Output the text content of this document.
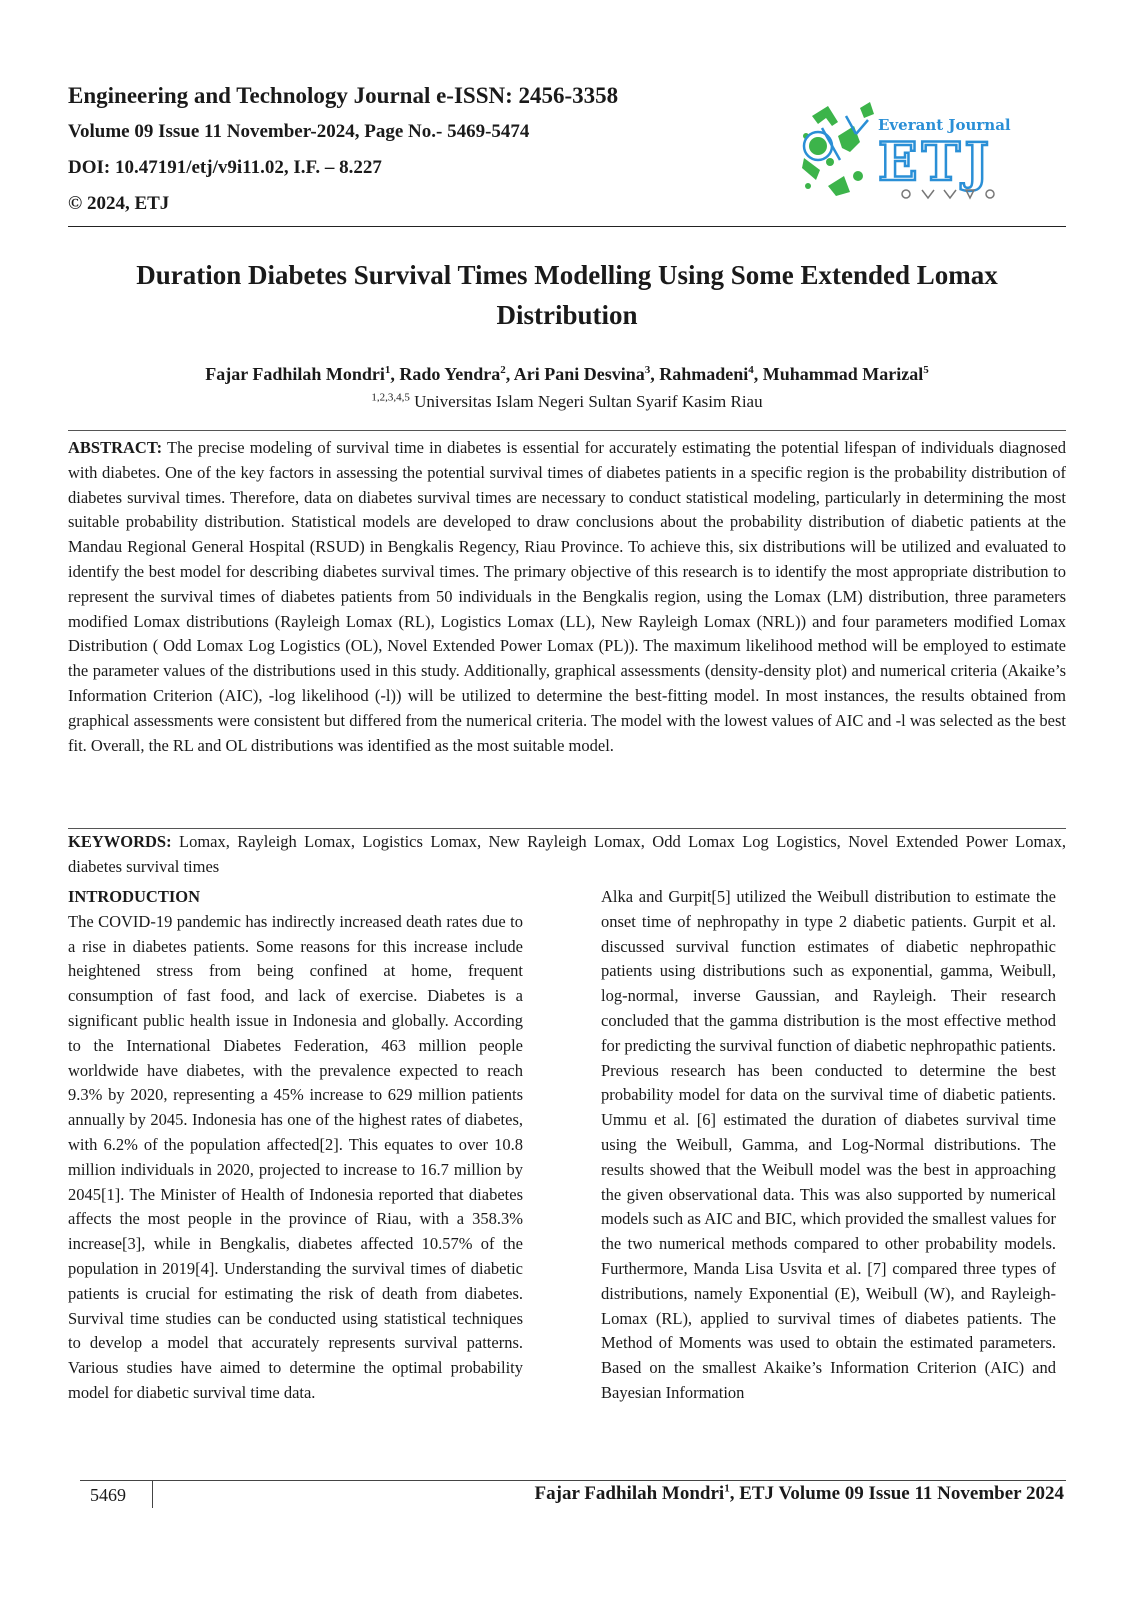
Engineering and Technology Journal e-ISSN: 2456-3358

Volume 09 Issue 11 November-2024, Page No.- 5469-5474

DOI: 10.47191/etj/v9i11.02, I.F. – 8.227

© 2024, ETJ

Everant Journal
ETJ
Duration Diabetes Survival Times Modelling Using Some Extended Lomax Distribution
Fajar Fadhilah Mondri$^1$, Rado Yendra$^2$, Ari Pani Desvina$^3$, Rahmadeni$^4$, Muhammad Marizal$^5$
$^{1,2,3,4,5}$ Universitas Islam Negeri Sultan Syarif Kasim Riau

ABSTRACT: The precise modeling of survival time in diabetes is essential for accurately estimating the potential lifespan of individuals diagnosed with diabetes. One of the key factors in assessing the potential survival times of diabetes patients in a specific region is the probability distribution of diabetes survival times. Therefore, data on diabetes survival times are necessary to conduct statistical modeling, particularly in determining the most suitable probability distribution. Statistical models are developed to draw conclusions about the probability distribution of diabetic patients at the Mandau Regional General Hospital (RSUD) in Bengkalis Regency, Riau Province. To achieve this, six distributions will be utilized and evaluated to identify the best model for describing diabetes survival times. The primary objective of this research is to identify the most appropriate distribution to represent the survival times of diabetes patients from 50 individuals in the Bengkalis region, using the Lomax (LM) distribution, three parameters modified Lomax distributions (Rayleigh Lomax (RL), Logistics Lomax (LL), New Rayleigh Lomax (NRL)) and four parameters modified Lomax Distribution ( Odd Lomax Log Logistics (OL), Novel Extended Power Lomax (PL)). The maximum likelihood method will be employed to estimate the parameter values of the distributions used in this study. Additionally, graphical assessments (density-density plot) and numerical criteria (Akaike’s Information Criterion (AIC), -log likelihood (-l)) will be utilized to determine the best-fitting model. In most instances, the results obtained from graphical assessments were consistent but differed from the numerical criteria. The model with the lowest values of AIC and -l was selected as the best fit. Overall, the RL and OL distributions was identified as the most suitable model.

KEYWORDS: Lomax, Rayleigh Lomax, Logistics Lomax, New Rayleigh Lomax, Odd Lomax Log Logistics, Novel Extended Power Lomax, diabetes survival times

INTRODUCTION

The COVID-19 pandemic has indirectly increased death rates due to a rise in diabetes patients. Some reasons for this increase include heightened stress from being confined at home, frequent consumption of fast food, and lack of exercise. Diabetes is a significant public health issue in Indonesia and globally. According to the International Diabetes Federation, 463 million people worldwide have diabetes, with the prevalence expected to reach 9.3% by 2020, representing a 45% increase to 629 million patients annually by 2045. Indonesia has one of the highest rates of diabetes, with 6.2% of the population affected[2]. This equates to over 10.8 million individuals in 2020, projected to increase to 16.7 million by 2045[1]. The Minister of Health of Indonesia reported that diabetes affects the most people in the province of Riau, with a 358.3% increase[3], while in Bengkalis, diabetes affected 10.57% of the population in 2019[4]. Understanding the survival times of diabetic patients is crucial for estimating the risk of death from diabetes. Survival time studies can be conducted using statistical techniques to develop a model that accurately represents survival patterns. Various studies have aimed to determine the optimal probability model for diabetic survival time data.

Alka and Gurpit[5] utilized the Weibull distribution to estimate the onset time of nephropathy in type 2 diabetic patients. Gurpit et al. discussed survival function estimates of diabetic nephropathic patients using distributions such as exponential, gamma, Weibull, log-normal, inverse Gaussian, and Rayleigh. Their research concluded that the gamma distribution is the most effective method for predicting the survival function of diabetic nephropathic patients. Previous research has been conducted to determine the best probability model for data on the survival time of diabetic patients. Ummu et al. [6] estimated the duration of diabetes survival time using the Weibull, Gamma, and Log-Normal distributions. The results showed that the Weibull model was the best in approaching the given observational data. This was also supported by numerical models such as AIC and BIC, which provided the smallest values for the two numerical methods compared to other probability models. Furthermore, Manda Lisa Usvita et al. [7] compared three types of distributions, namely Exponential (E), Weibull (W), and Rayleigh-Lomax (RL), applied to survival times of diabetes patients. The Method of Moments was used to obtain the estimated parameters. Based on the smallest Akaike’s Information Criterion (AIC) and Bayesian Information

5469	Fajar Fadhilah Mondri$^1$, ETJ Volume 09 Issue 11 November 2024
